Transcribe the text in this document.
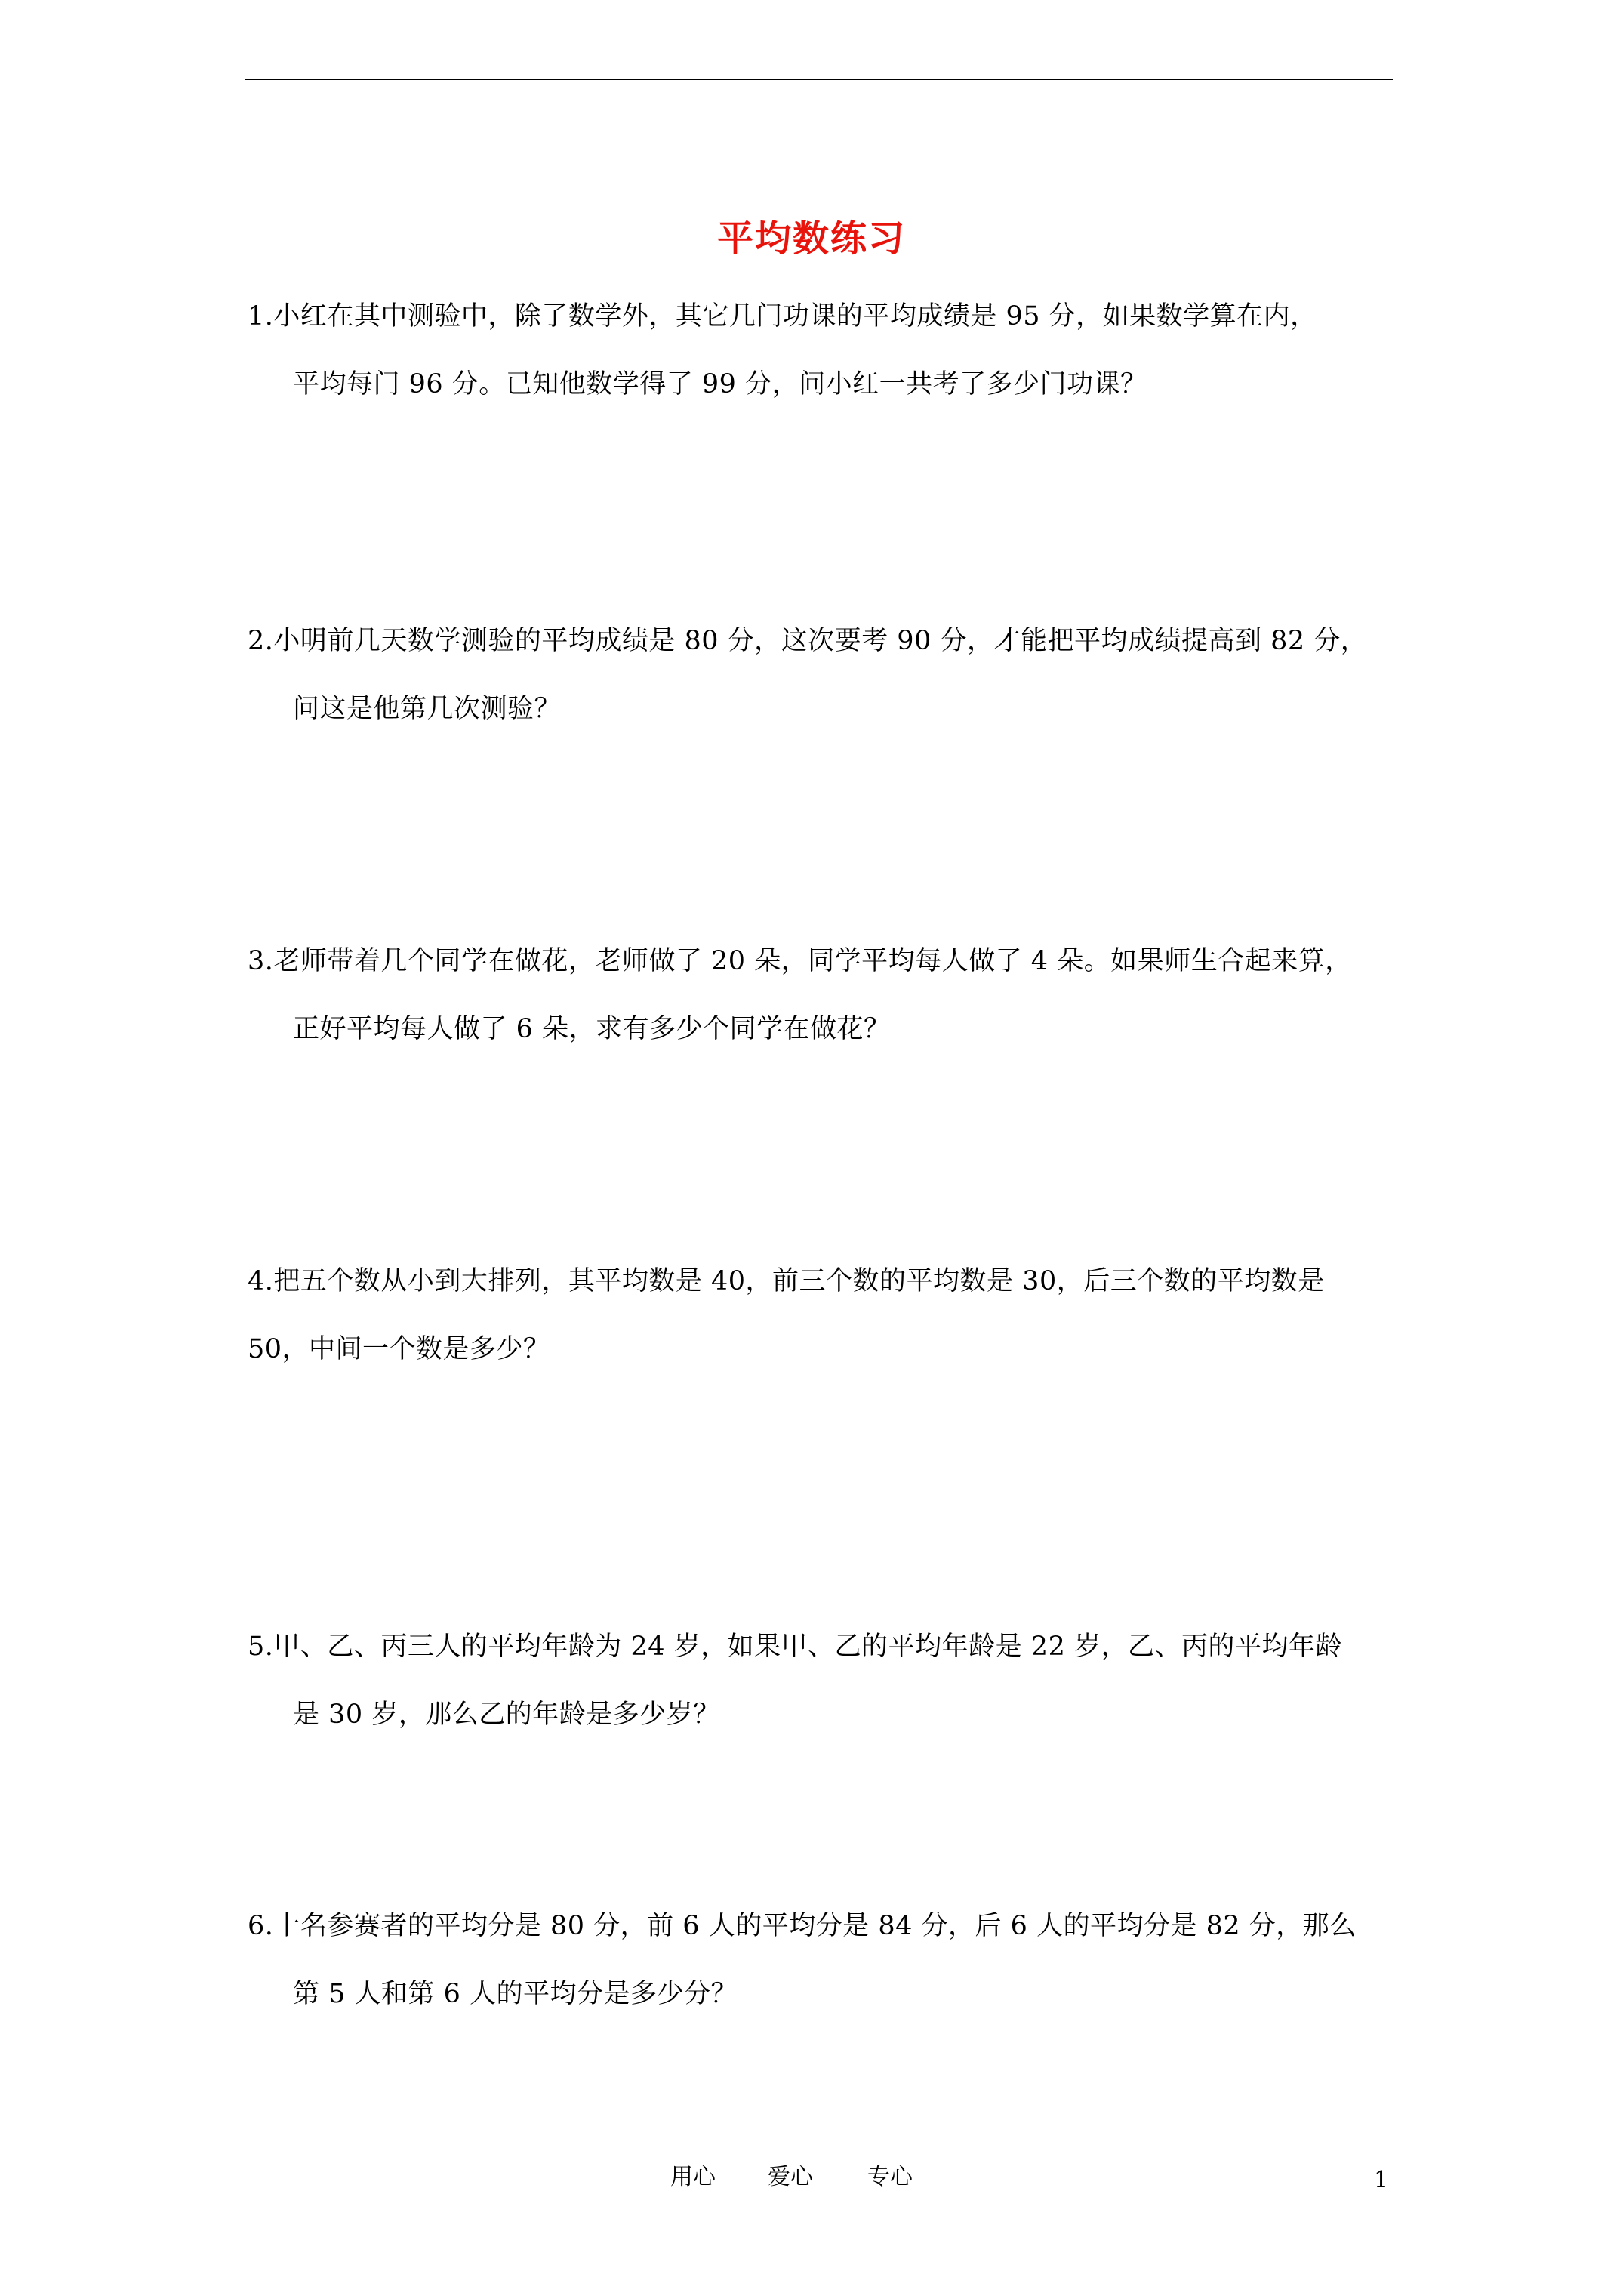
平均数练习
1.小红在其中测验中，除了数学外，其它几门功课的平均成绩是 95 分，如果数学算在内，
平均每门 96 分。已知他数学得了 99 分，问小红一共考了多少门功课？
2.小明前几天数学测验的平均成绩是 80 分，这次要考 90 分，才能把平均成绩提高到 82 分，
问这是他第几次测验？
3.老师带着几个同学在做花，老师做了 20 朵，同学平均每人做了 4 朵。如果师生合起来算，
正好平均每人做了 6 朵，求有多少个同学在做花？
4.把五个数从小到大排列，其平均数是 40，前三个数的平均数是 30，后三个数的平均数是
50，中间一个数是多少？
5.甲、乙、丙三人的平均年龄为 24 岁，如果甲、乙的平均年龄是 22 岁，乙、丙的平均年龄
是 30 岁，那么乙的年龄是多少岁？
6.十名参赛者的平均分是 80 分，前 6 人的平均分是 84 分，后 6 人的平均分是 82 分，那么
第 5 人和第 6 人的平均分是多少分？
用心 爱心 专心	1
